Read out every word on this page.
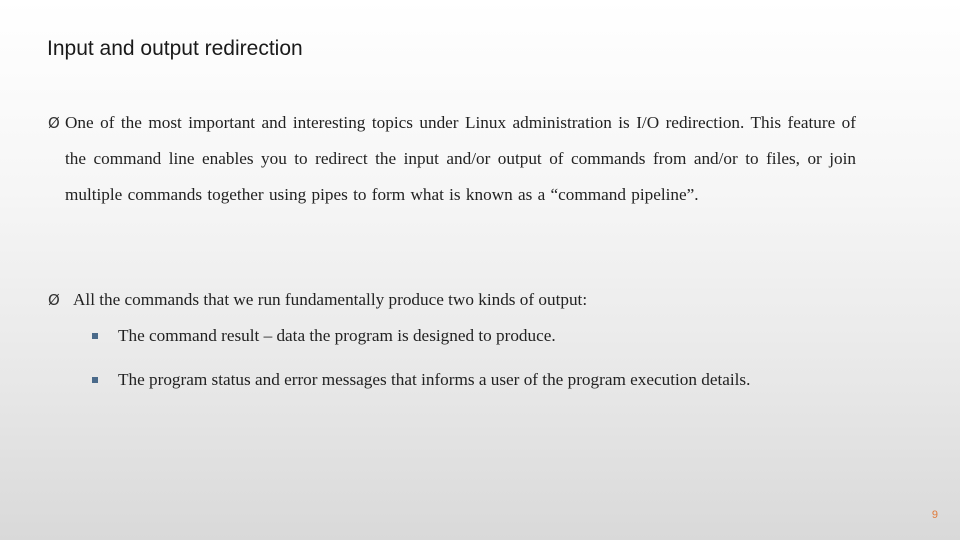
Input and output redirection
Ø One of the most important and interesting topics under Linux administration is I/O redirection. This feature of the command line enables you to redirect the input and/or output of commands from and/or to files, or join multiple commands together using pipes to form what is known as a “command pipeline”.
Ø All the commands that we run fundamentally produce two kinds of output:
The command result – data the program is designed to produce.
The program status and error messages that informs a user of the program execution details.
9
